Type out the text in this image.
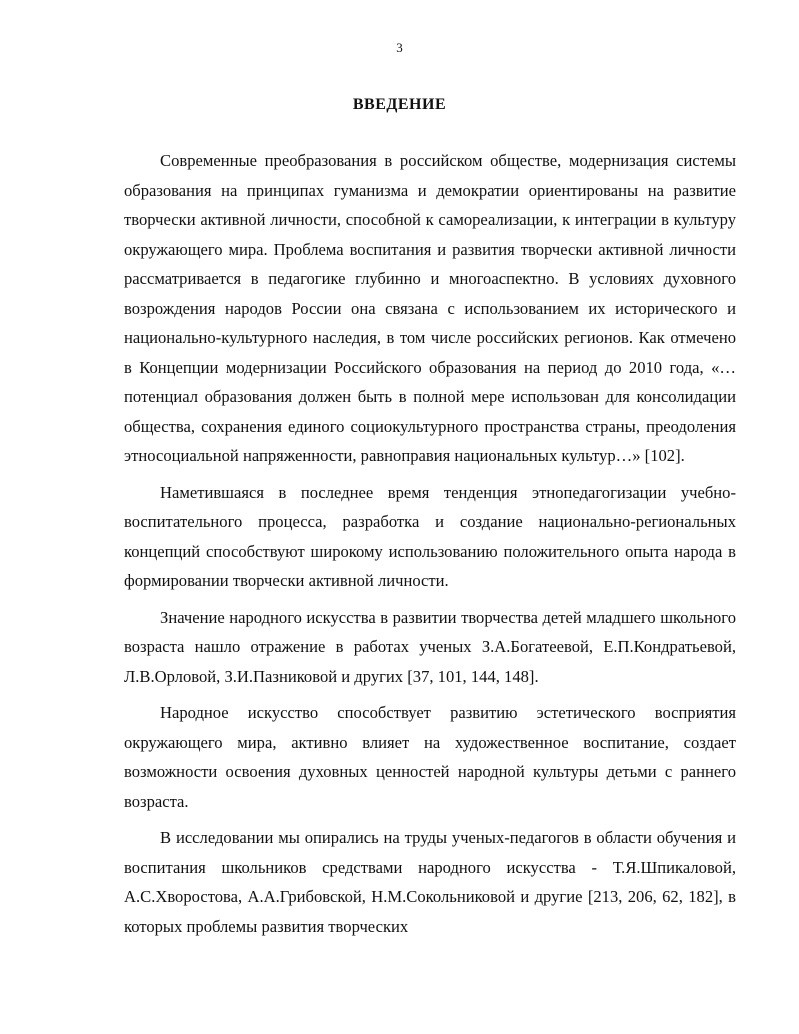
3
ВВЕДЕНИЕ

Современные преобразования в российском обществе, модернизация системы образования на принципах гуманизма и демократии ориентированы на развитие творчески активной личности, способной к самореализации, к интеграции в культуру окружающего мира. Проблема воспитания и развития творчески активной личности рассматривается в педагогике глубинно и многоаспектно. В условиях духовного возрождения народов России она связана с использованием их исторического и национально-культурного наследия, в том числе российских регионов. Как отмечено в Концепции модернизации Российского образования на период до 2010 года, «…потенциал образования должен быть в полной мере использован для консолидации общества, сохранения единого социокультурного пространства страны, преодоления этносоциальной напряженности, равноправия национальных культур…» [102].

Наметившаяся в последнее время тенденция этнопедагогизации учебно-воспитательного процесса, разработка и создание национально-региональных концепций способствуют широкому использованию положительного опыта народа в формировании творчески активной личности.

Значение народного искусства в развитии творчества детей младшего школьного возраста нашло отражение в работах ученых З.А.Богатеевой, Е.П.Кондратьевой, Л.В.Орловой, З.И.Пазниковой и других [37, 101, 144, 148].

Народное искусство способствует развитию эстетического восприятия окружающего мира, активно влияет на художественное воспитание, создает возможности освоения духовных ценностей народной культуры детьми с раннего возраста.

В исследовании мы опирались на труды ученых-педагогов в области обучения и воспитания школьников средствами народного искусства - Т.Я.Шпикаловой, А.С.Хворостова, А.А.Грибовской, Н.М.Сокольниковой и другие [213, 206, 62, 182], в которых проблемы развития творческих
